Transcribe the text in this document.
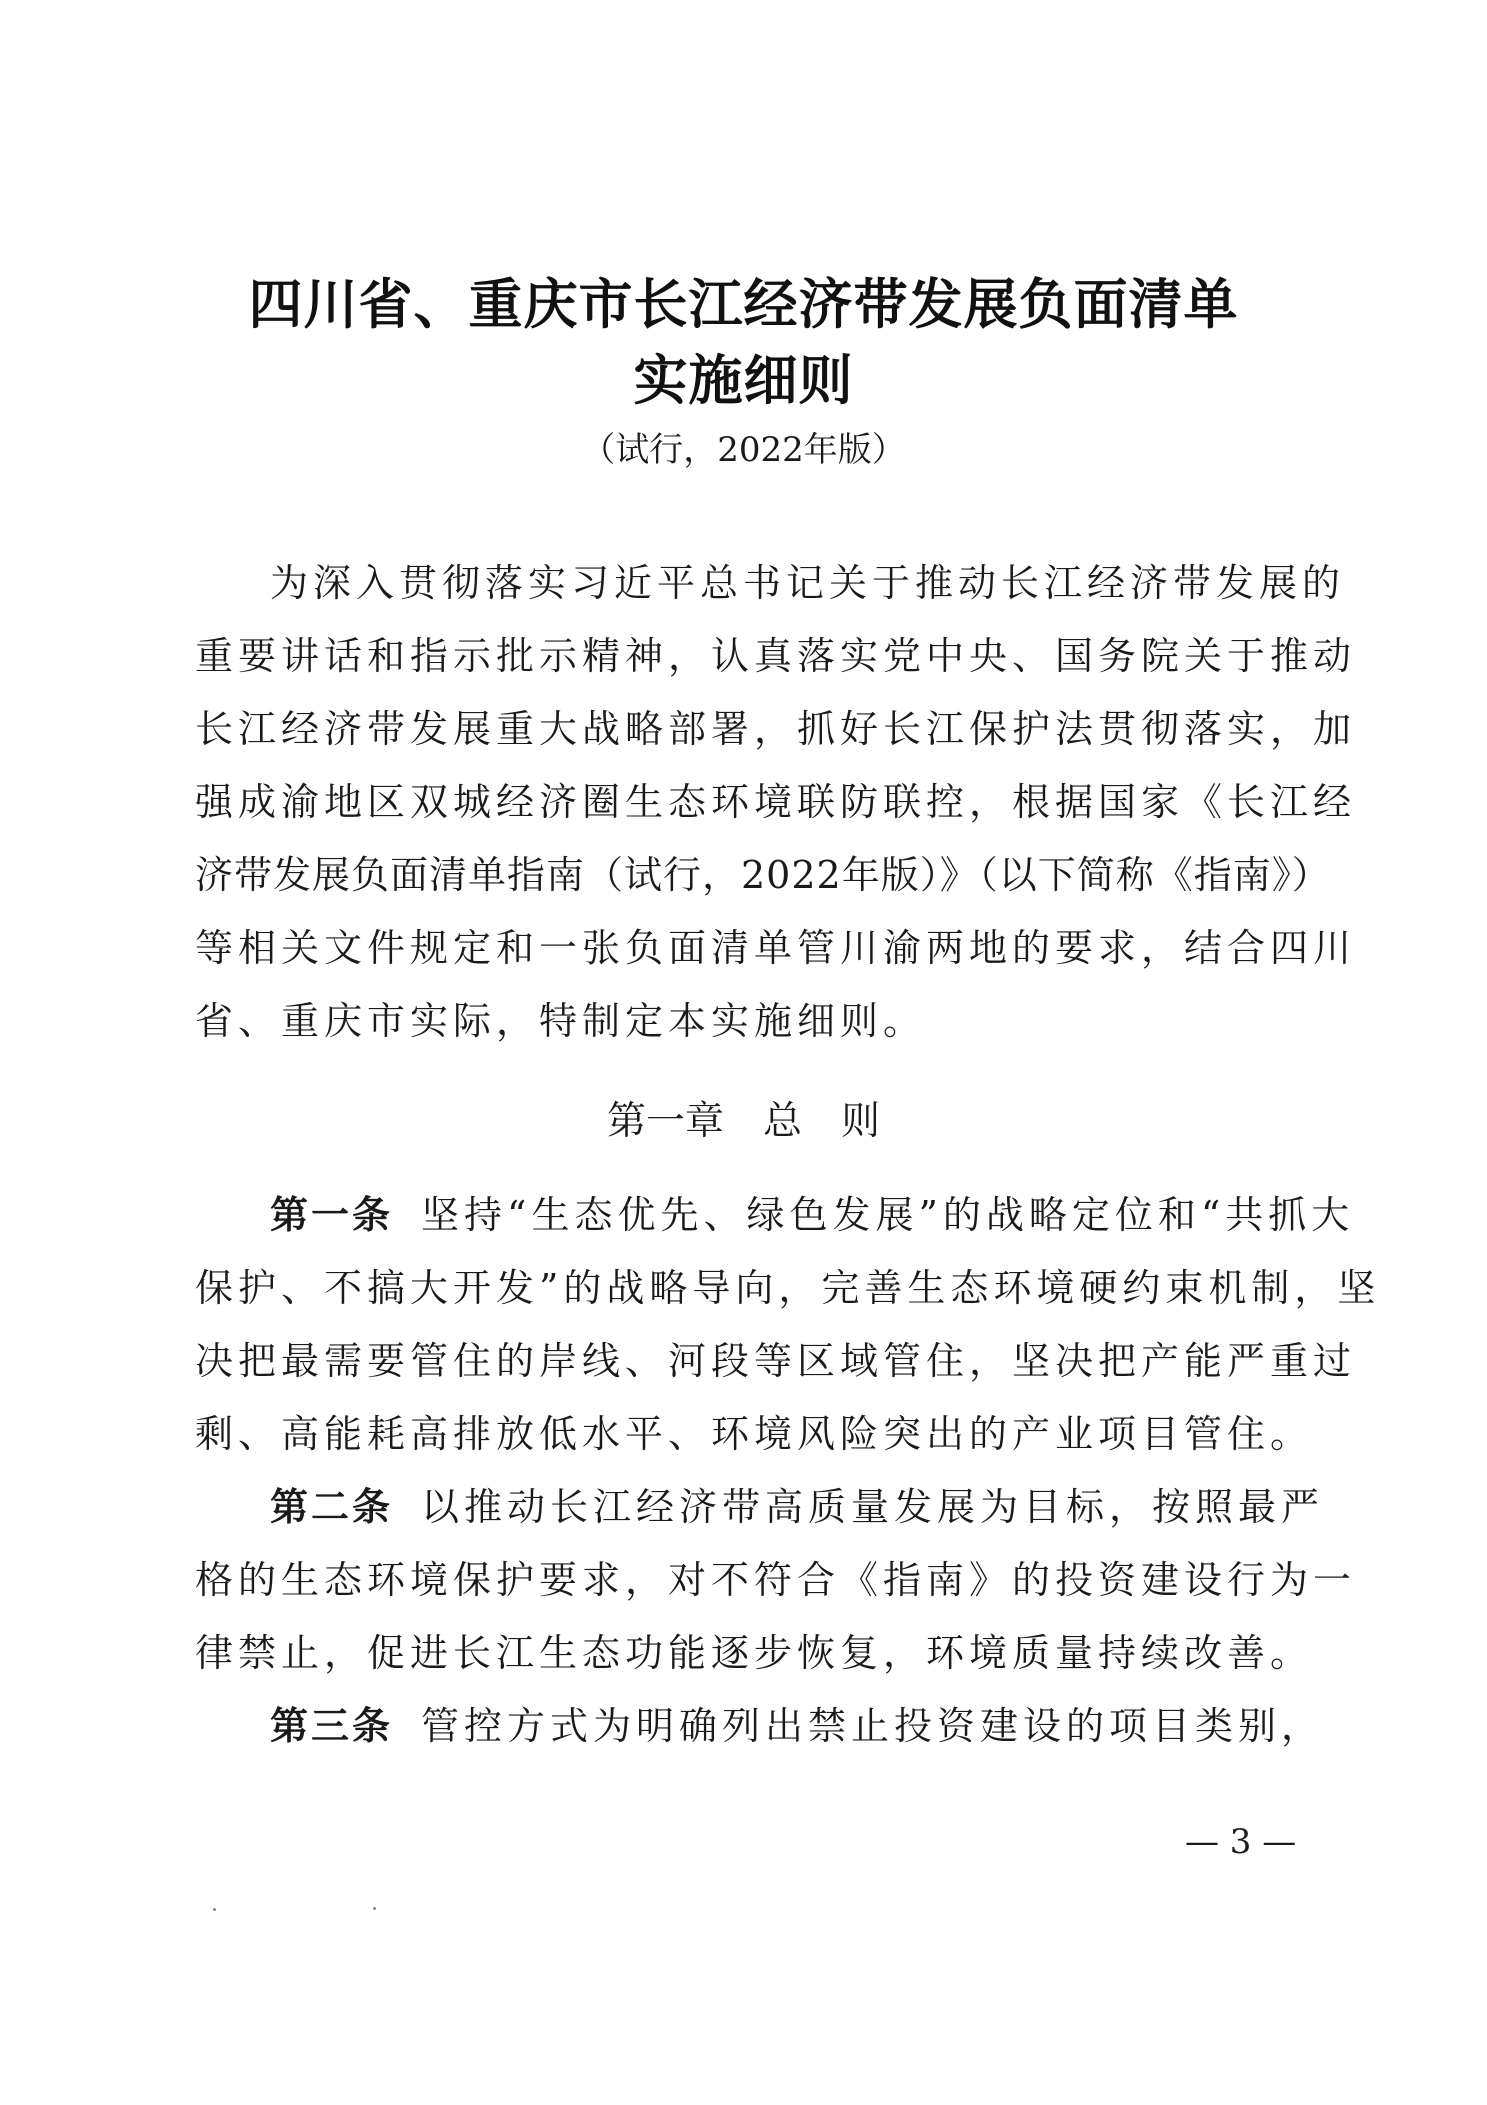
四川省、重庆市长江经济带发展负面清单
实施细则
（试行，2022年版）
为深入贯彻落实习近平总书记关于推动长江经济带发展的
重要讲话和指示批示精神，认真落实党中央、国务院关于推动
长江经济带发展重大战略部署，抓好长江保护法贯彻落实，加
强成渝地区双城经济圈生态环境联防联控，根据国家《长江经
济带发展负面清单指南（试行，2022年版）》（以下简称《指南》）
等相关文件规定和一张负面清单管川渝两地的要求，结合四川
省、重庆市实际，特制定本实施细则。
第一章　总　则
第一条 坚持“生态优先、绿色发展”的战略定位和“共抓大
保护、不搞大开发”的战略导向，完善生态环境硬约束机制，坚
决把最需要管住的岸线、河段等区域管住，坚决把产能严重过
剩、高能耗高排放低水平、环境风险突出的产业项目管住。
第二条 以推动长江经济带高质量发展为目标，按照最严
格的生态环境保护要求，对不符合《指南》的投资建设行为一
律禁止，促进长江生态功能逐步恢复，环境质量持续改善。
第三条 管控方式为明确列出禁止投资建设的项目类别，
— 3 —
